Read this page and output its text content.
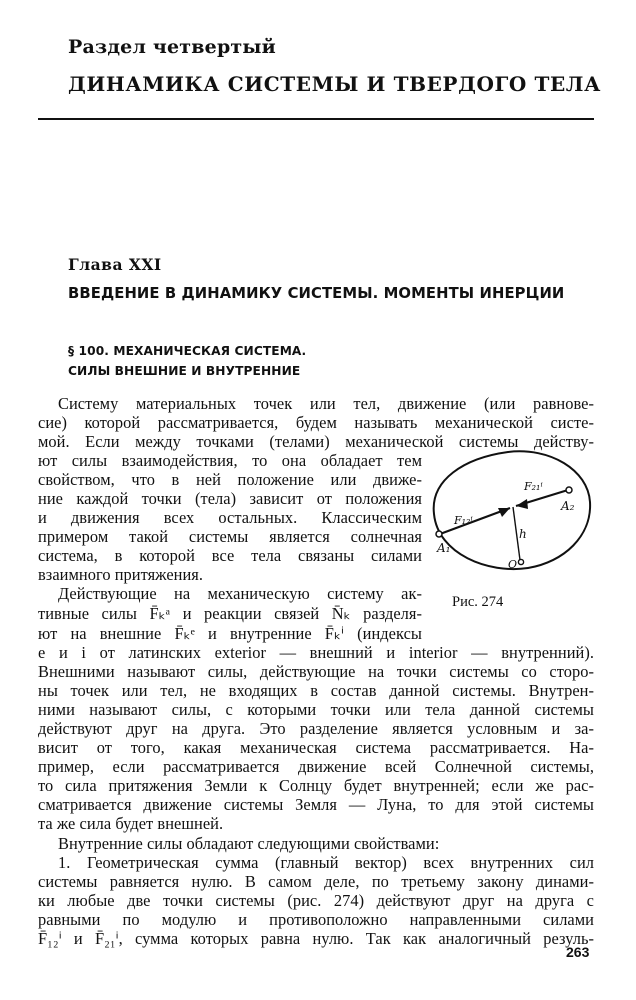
Раздел четвертый
ДИНАМИКА СИСТЕМЫ И ТВЕРДОГО ТЕЛА
Глава XXI
ВВЕДЕНИЕ В ДИНАМИКУ СИСТЕМЫ. МОМЕНТЫ ИНЕРЦИИ
§ 100. МЕХАНИЧЕСКАЯ СИСТЕМА.
СИЛЫ ВНЕШНИЕ И ВНУТРЕННИЕ
Систему материальных точек или тел, движение (или равнове-
сие) которой рассматривается, будем называть механической систе-
мой. Если между точками (телами) механической системы действу-
ют силы взаимодействия, то она обладает тем
свойством, что в ней положение или движе-
ние каждой точки (тела) зависит от положения
и движения всех остальных. Классическим
примером такой системы является солнечная
система, в которой все тела связаны силами
взаимного притяжения.
Действующие на механическую систему ак-
тивные силы F̄ₖᵃ и реакции связей N̄ₖ разделя-
ют на внешние F̄ₖᵉ и внутренние F̄ₖⁱ (индексы
e и i от латинских exterior — внешний и interior — внутренний).
Внешними называют силы, действующие на точки системы со сторо-
ны точек или тел, не входящих в состав данной системы. Внутрен-
ними называют силы, с которыми точки или тела данной системы
действуют друг на друга. Это разделение является условным и за-
висит от того, какая механическая система рассматривается. На-
пример, если рассматривается движение всей Солнечной системы,
то сила притяжения Земли к Солнцу будет внутренней; если же рас-
сматривается движение системы Земля — Луна, то для этой системы
та же сила будет внешней.
Внутренние силы обладают следующими свойствами:
1. Геометрическая сумма (главный вектор) всех внутренних сил
системы равняется нулю. В самом деле, по третьему закону динами-
ки любые две точки системы (рис. 274) действуют друг на друга с
равными по модулю и противоположно направленными силами
F̄₁₂ⁱ и F̄₂₁ⁱ, сумма которых равна нулю. Так как аналогичный резуль-
A₁
A₂
h
O
F₁₂ⁱ
F₂₁ⁱ
Рис. 274
263
